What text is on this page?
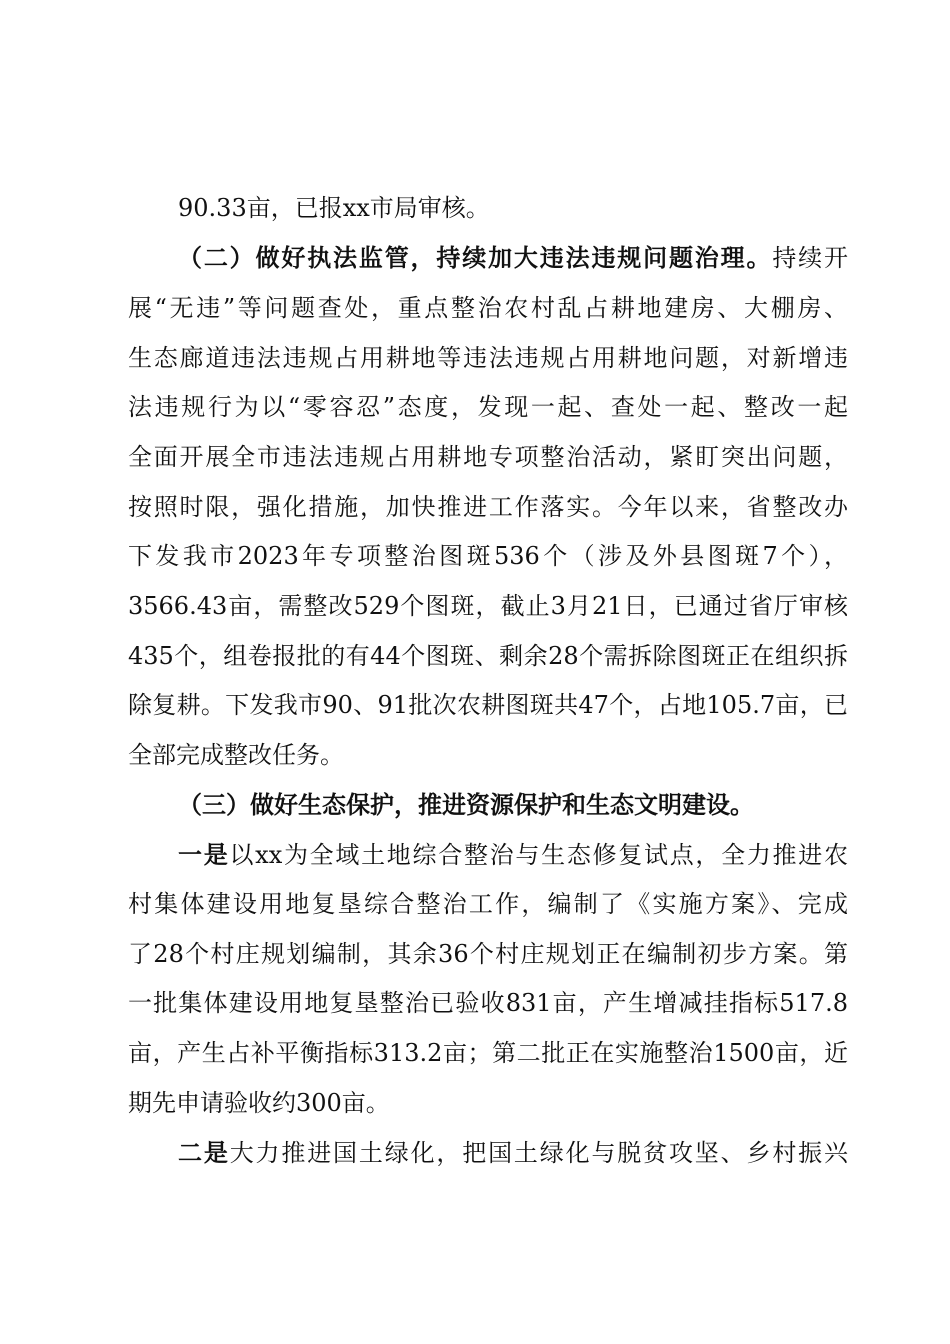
90.33亩，已报xx市局审核。
（二）做好执法监管，持续加大违法违规问题治理。持续开
展“无违”等问题查处，重点整治农村乱占耕地建房、大棚房、
生态廊道违法违规占用耕地等违法违规占用耕地问题，对新增违
法违规行为以“零容忍”态度，发现一起、查处一起、整改一起
全面开展全市违法违规占用耕地专项整治活动，紧盯突出问题，
按照时限，强化措施，加快推进工作落实。今年以来，省整改办
下发我市2023年专项整治图斑536个（涉及外县图斑7个），
3566.43亩，需整改529个图斑，截止3月21日，已通过省厅审核
435个，组卷报批的有44个图斑、剩余28个需拆除图斑正在组织拆
除复耕。下发我市90、91批次农耕图斑共47个，占地105.7亩，已
全部完成整改任务。
（三）做好生态保护，推进资源保护和生态文明建设。
一是以xx为全域土地综合整治与生态修复试点，全力推进农
村集体建设用地复垦综合整治工作，编制了《实施方案》、完成
了28个村庄规划编制，其余36个村庄规划正在编制初步方案。第
一批集体建设用地复垦整治已验收831亩，产生增减挂指标517.8
亩，产生占补平衡指标313.2亩；第二批正在实施整治1500亩，近
期先申请验收约300亩。
二是大力推进国土绿化，把国土绿化与脱贫攻坚、乡村振兴
